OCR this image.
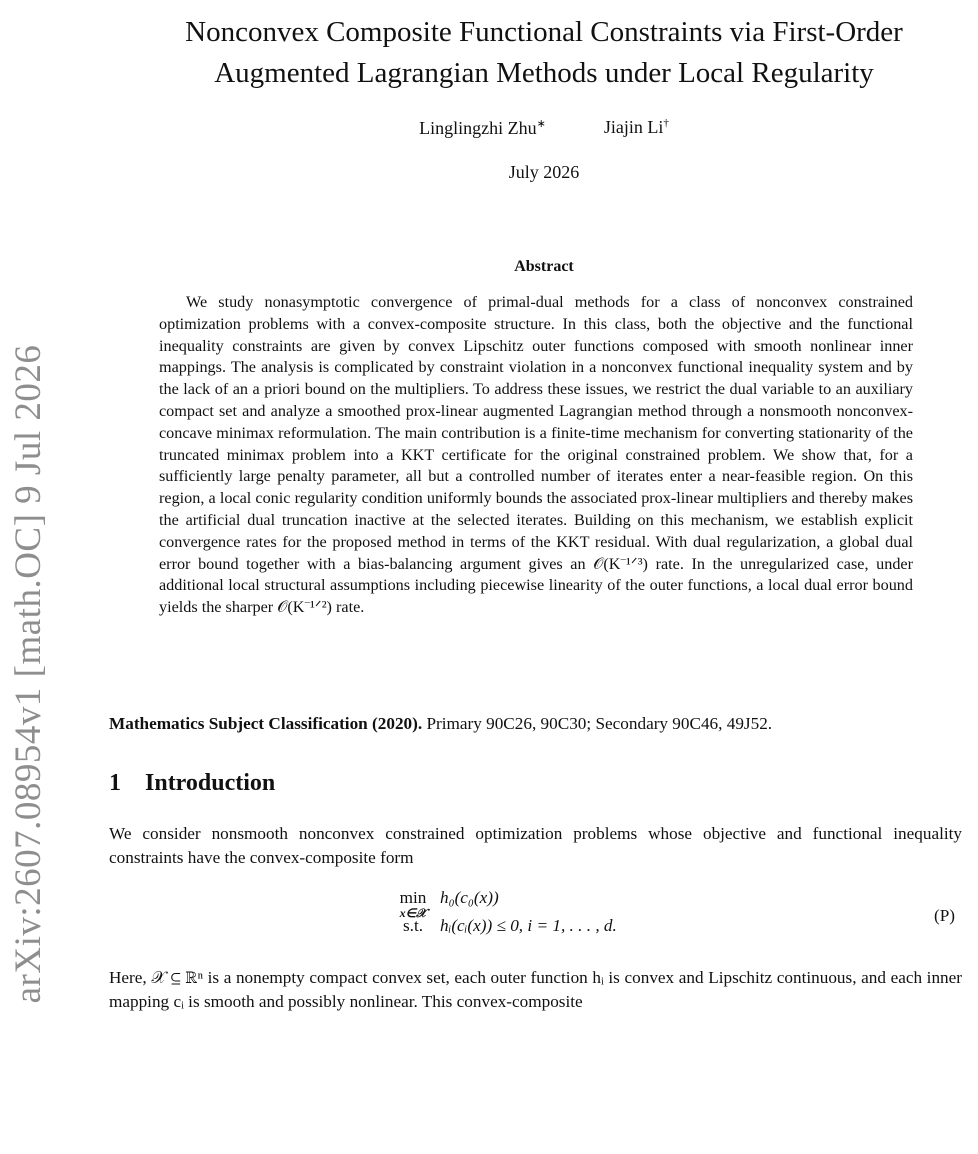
arXiv:2607.08954v1 [math.OC] 9 Jul 2026
Nonconvex Composite Functional Constraints via First-Order
Augmented Lagrangian Methods under Local Regularity
Linglingzhi Zhu∗	Jiajin Li†
July 2026
Abstract
We study nonasymptotic convergence of primal-dual methods for a class of nonconvex constrained optimization problems with a convex-composite structure. In this class, both the objective and the functional inequality constraints are given by convex Lipschitz outer functions composed with smooth nonlinear inner mappings. The analysis is complicated by constraint violation in a nonconvex functional inequality system and by the lack of an a priori bound on the multipliers. To address these issues, we restrict the dual variable to an auxiliary compact set and analyze a smoothed prox-linear augmented Lagrangian method through a nonsmooth nonconvex-concave minimax reformulation. The main contribution is a finite-time mechanism for converting stationarity of the truncated minimax problem into a KKT certificate for the original constrained problem. We show that, for a sufficiently large penalty parameter, all but a controlled number of iterates enter a near-feasible region. On this region, a local conic regularity condition uniformly bounds the associated prox-linear multipliers and thereby makes the artificial dual truncation inactive at the selected iterates. Building on this mechanism, we establish explicit convergence rates for the proposed method in terms of the KKT residual. With dual regularization, a global dual error bound together with a bias-balancing argument gives an 𝒪(K⁻¹ᐟ³) rate. In the unregularized case, under additional local structural assumptions including piecewise linearity of the outer functions, a local dual error bound yields the sharper 𝒪(K⁻¹ᐟ²) rate.
Mathematics Subject Classification (2020). Primary 90C26, 90C30; Secondary 90C46, 49J52.
1 Introduction
We consider nonsmooth nonconvex constrained optimization problems whose objective and functional inequality constraints have the convex-composite form
min
x∈𝒳
h₀(c₀(x))
s.t. hᵢ(cᵢ(x)) ≤ 0, i = 1, . . . , d.
(P)
Here, 𝒳 ⊆ ℝⁿ is a nonempty compact convex set, each outer function hᵢ is convex and Lipschitz continuous, and each inner mapping cᵢ is smooth and possibly nonlinear. This convex-composite
